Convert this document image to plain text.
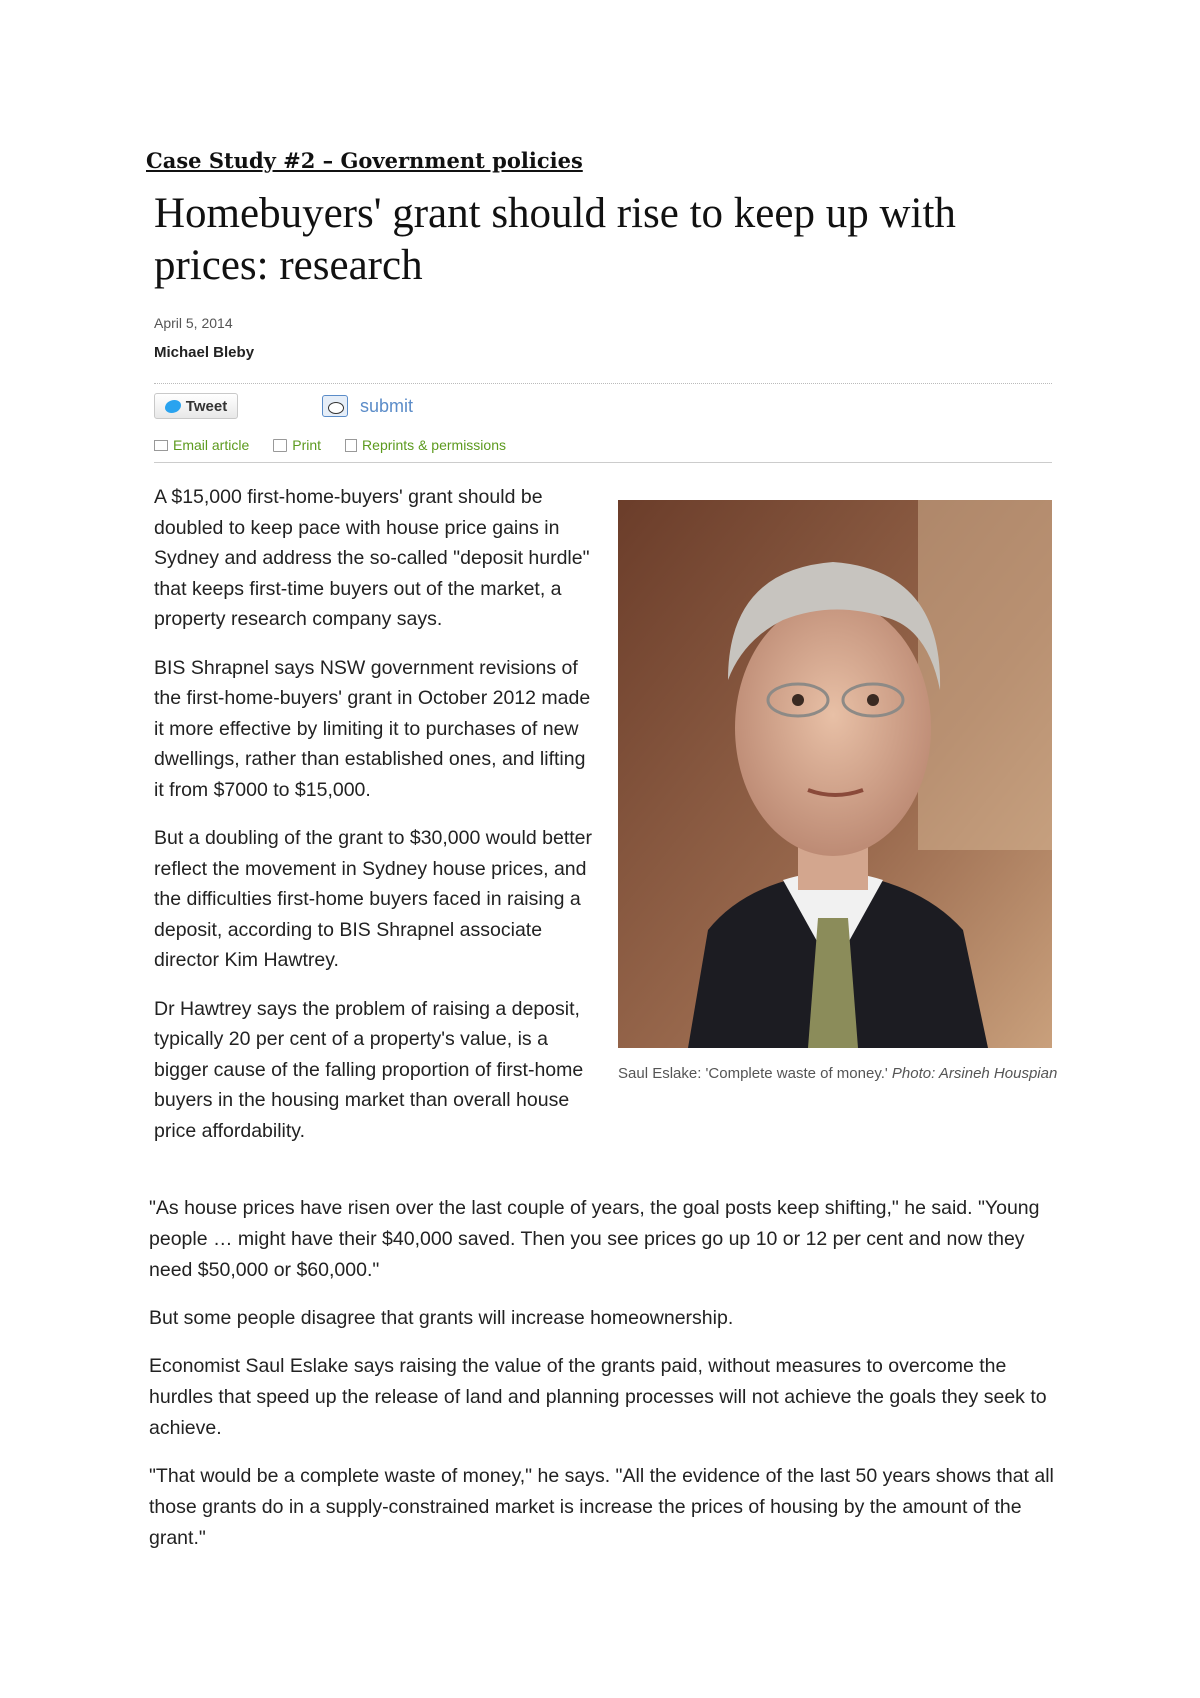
Case Study #2 – Government policies
Homebuyers' grant should rise to keep up with prices: research
April 5, 2014
Michael Bleby
Tweet	submit
Email article	Print	Reprints & permissions

A $15,000 first-home-buyers' grant should be doubled to keep pace with house price gains in Sydney and address the so-called "deposit hurdle" that keeps first-time buyers out of the market, a property research company says.

BIS Shrapnel says NSW government revisions of the first-home-buyers' grant in October 2012 made it more effective by limiting it to purchases of new dwellings, rather than established ones, and lifting it from $7000 to $15,000.

But a doubling of the grant to $30,000 would better reflect the movement in Sydney house prices, and the difficulties first-home buyers faced in raising a deposit, according to BIS Shrapnel associate director Kim Hawtrey.

Dr Hawtrey says the problem of raising a deposit, typically 20 per cent of a property's value, is a bigger cause of the falling proportion of first-home buyers in the housing market than overall house price affordability.

Saul Eslake: 'Complete waste of money.' Photo: Arsineh Houspian

"As house prices have risen over the last couple of years, the goal posts keep shifting," he said. "Young people … might have their $40,000 saved. Then you see prices go up 10 or 12 per cent and now they need $50,000 or $60,000."

But some people disagree that grants will increase homeownership.

Economist Saul Eslake says raising the value of the grants paid, without measures to overcome the hurdles that speed up the release of land and planning processes will not achieve the goals they seek to achieve.

"That would be a complete waste of money," he says. "All the evidence of the last 50 years shows that all those grants do in a supply-constrained market is increase the prices of housing by the amount of the grant."
